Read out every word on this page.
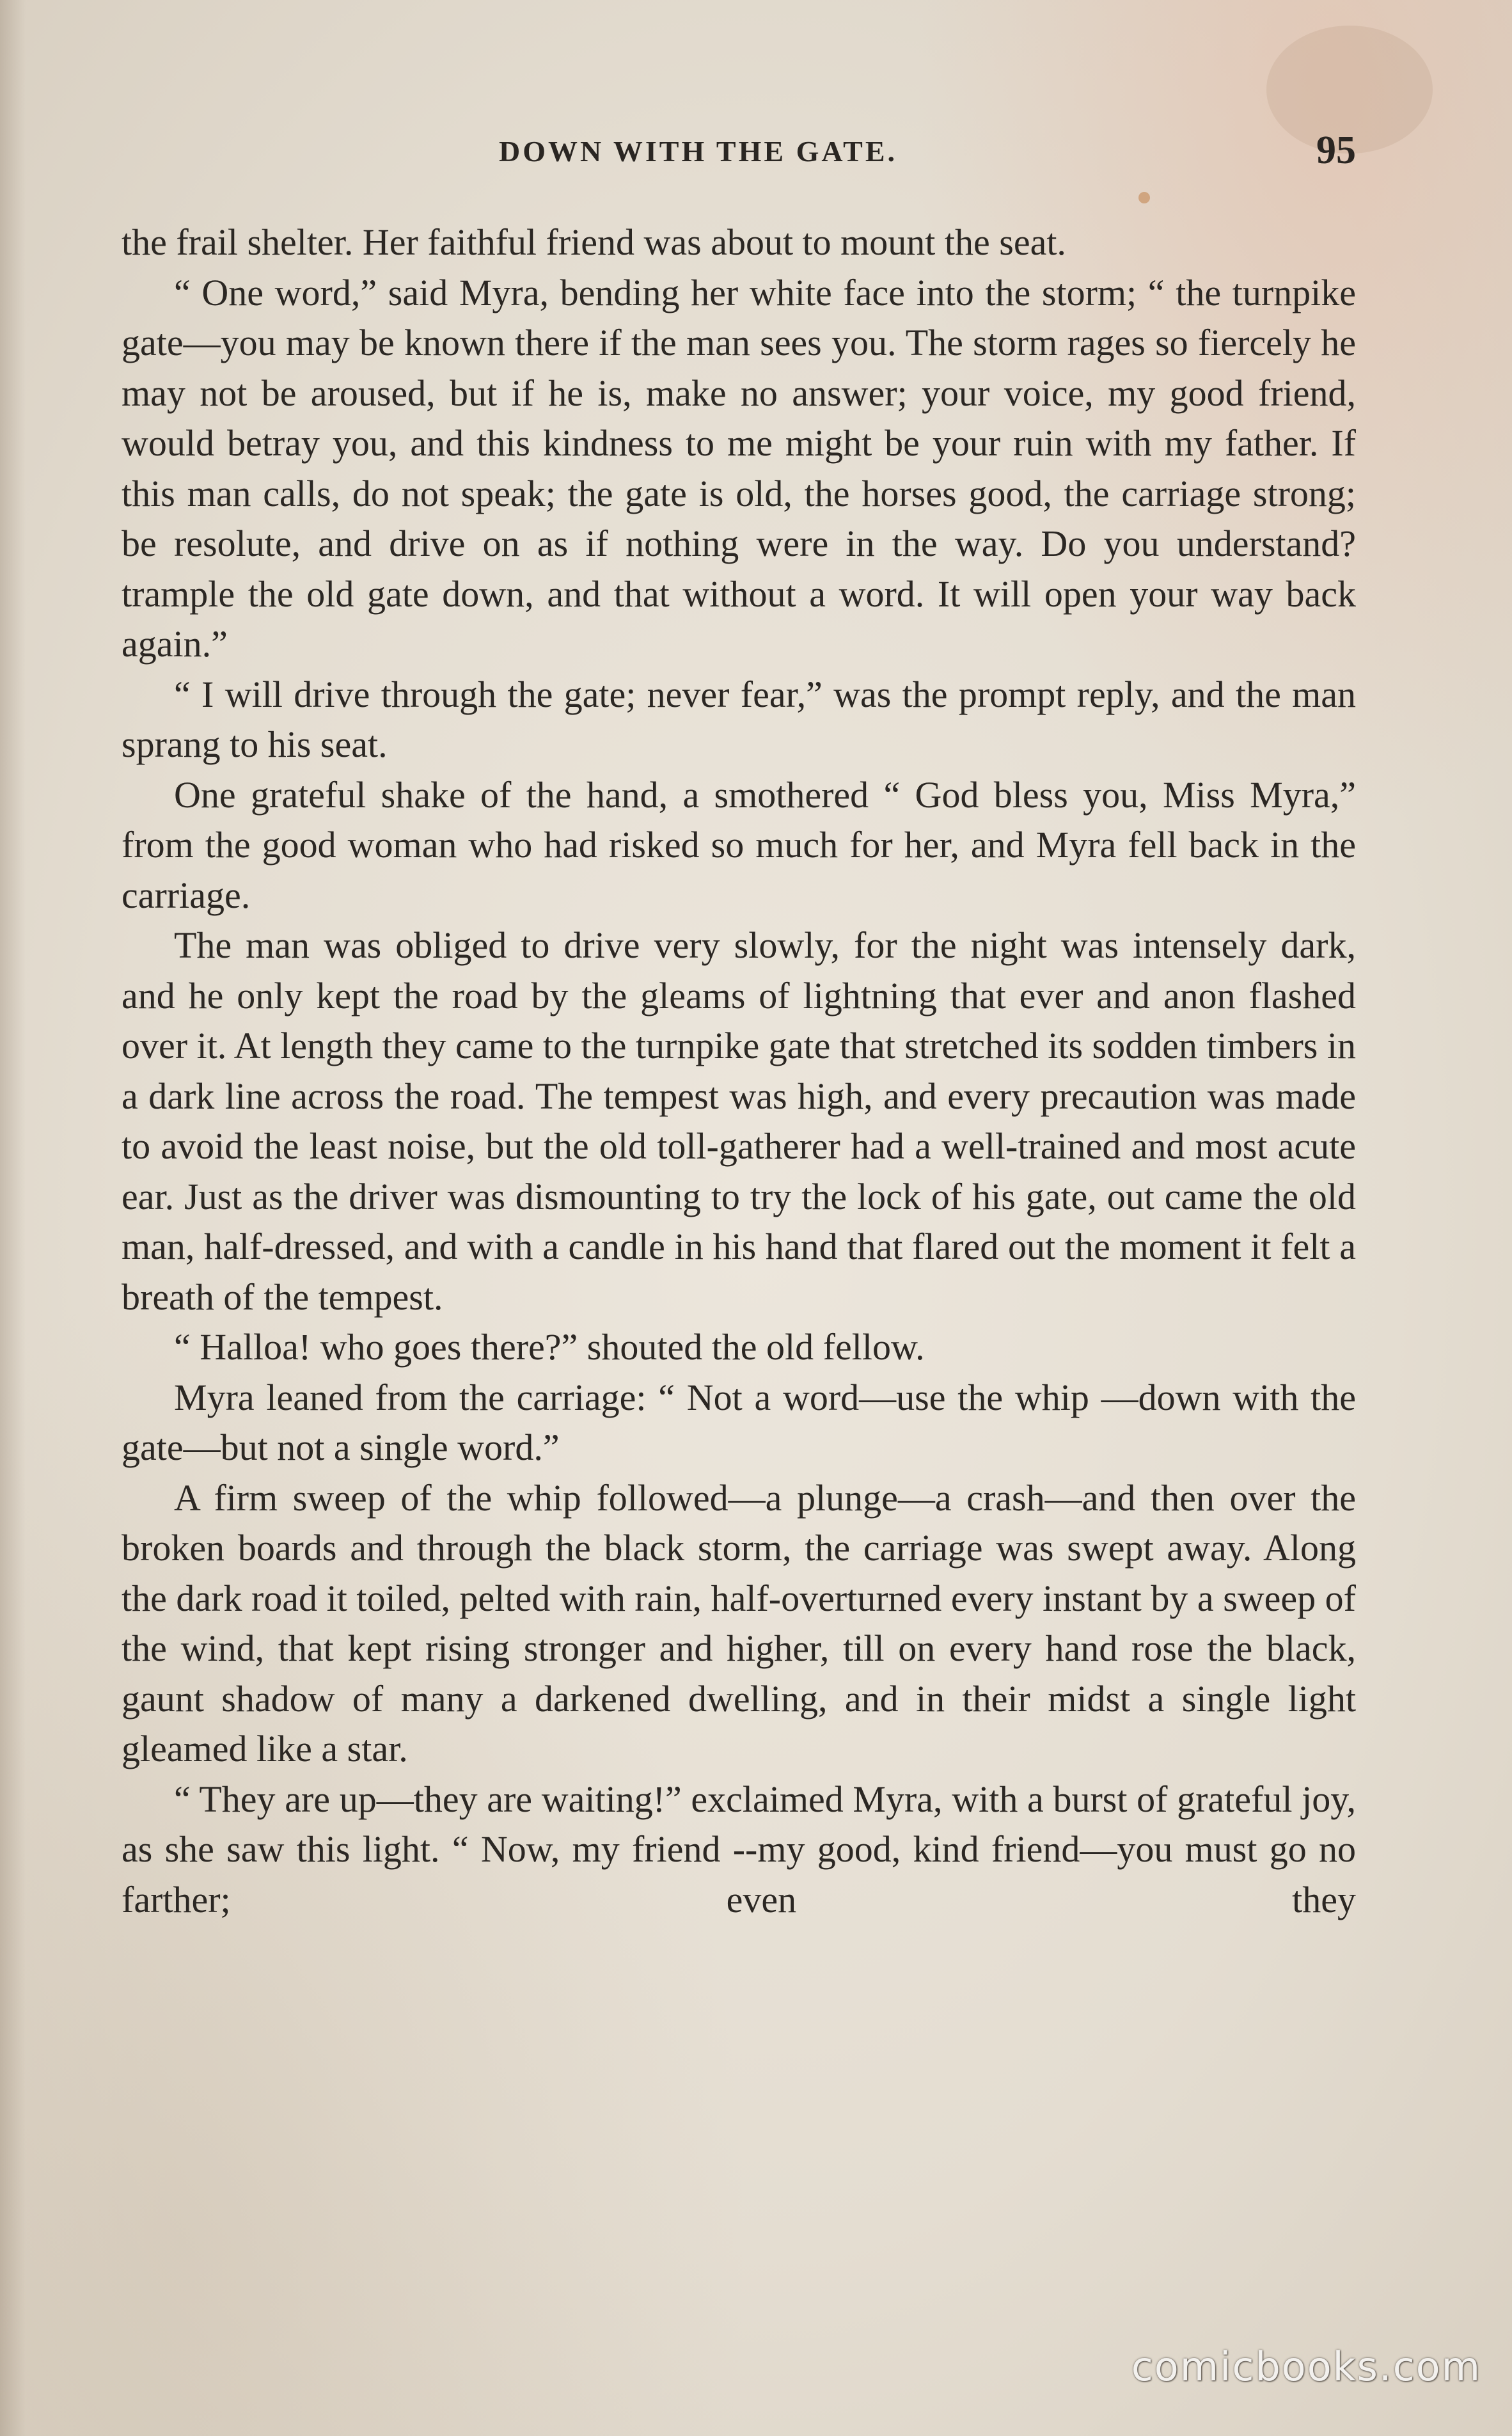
DOWN WITH THE GATE.	95

the frail shelter. Her faithful friend was about to mount the seat.

“ One word,” said Myra, bending her white face into the storm; “ the turnpike gate—you may be known there if the man sees you. The storm rages so fiercely he may not be aroused, but if he is, make no answer; your voice, my good friend, would betray you, and this kindness to me might be your ruin with my father. If this man calls, do not speak; the gate is old, the horses good, the carriage strong; be resolute, and drive on as if nothing were in the way. Do you understand? trample the old gate down, and that without a word. It will open your way back again.”

“ I will drive through the gate; never fear,” was the prompt reply, and the man sprang to his seat.

One grateful shake of the hand, a smothered “ God bless you, Miss Myra,” from the good woman who had risked so much for her, and Myra fell back in the carriage.

The man was obliged to drive very slowly, for the night was intensely dark, and he only kept the road by the gleams of lightning that ever and anon flashed over it. At length they came to the turnpike gate that stretched its sodden timbers in a dark line across the road. The tempest was high, and every precaution was made to avoid the least noise, but the old toll-gatherer had a well-trained and most acute ear. Just as the driver was dismounting to try the lock of his gate, out came the old man, half-dressed, and with a candle in his hand that flared out the moment it felt a breath of the tempest.

“ Halloa! who goes there?” shouted the old fellow.

Myra leaned from the carriage: “ Not a word—use the whip —down with the gate—but not a single word.”

A firm sweep of the whip followed—a plunge—a crash—and then over the broken boards and through the black storm, the carriage was swept away. Along the dark road it toiled, pelted with rain, half-overturned every instant by a sweep of the wind, that kept rising stronger and higher, till on every hand rose the black, gaunt shadow of many a darkened dwelling, and in their midst a single light gleamed like a star.

“ They are up—they are waiting!” exclaimed Myra, with a burst of grateful joy, as she saw this light. “ Now, my friend --my good, kind friend—you must go no farther; even they

comicbooks.com
